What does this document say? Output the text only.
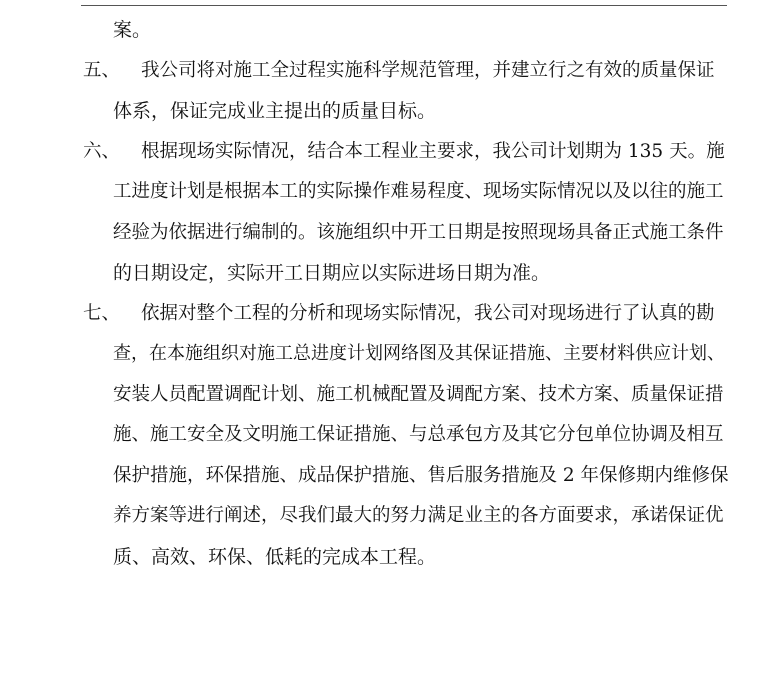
案。
五、 我公司将对施工全过程实施科学规范管理，并建立行之有效的质量保证
体系，保证完成业主提出的质量目标。
六、 根据现场实际情况，结合本工程业主要求，我公司计划期为 135 天。施
工进度计划是根据本工的实际操作难易程度、现场实际情况以及以往的施工
经验为依据进行编制的。该施组织中开工日期是按照现场具备正式施工条件
的日期设定，实际开工日期应以实际进场日期为准。
七、 依据对整个工程的分析和现场实际情况，我公司对现场进行了认真的勘
查，在本施组织对施工总进度计划网络图及其保证措施、主要材料供应计划、
安装人员配置调配计划、施工机械配置及调配方案、技术方案、质量保证措
施、施工安全及文明施工保证措施、与总承包方及其它分包单位协调及相互
保护措施，环保措施、成品保护措施、售后服务措施及 2 年保修期内维修保
养方案等进行阐述，尽我们最大的努力满足业主的各方面要求，承诺保证优
质、高效、环保、低耗的完成本工程。
